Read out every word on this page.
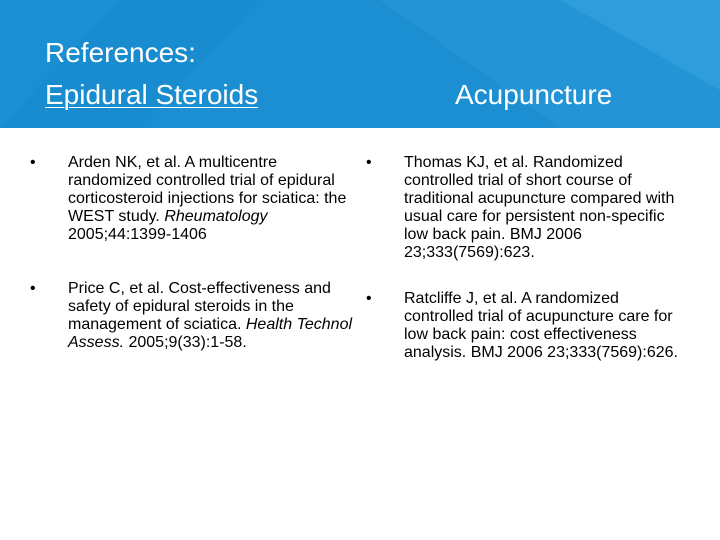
References:
Epidural Steroids	Acupuncture
• Arden NK, et al. A multicentre randomized controlled trial of epidural corticosteroid injections for sciatica: the WEST study. Rheumatology 2005;44:1399-1406
• Price C, et al. Cost-effectiveness and safety of epidural steroids in the management of sciatica. Health Technol Assess. 2005;9(33):1-58.
• Thomas KJ, et al. Randomized controlled trial of short course of traditional acupuncture compared with usual care for persistent non-specific low back pain. BMJ 2006 23;333(7569):623.
• Ratcliffe J, et al. A randomized controlled trial of acupuncture care for low back pain: cost effectiveness analysis. BMJ 2006 23;333(7569):626.
